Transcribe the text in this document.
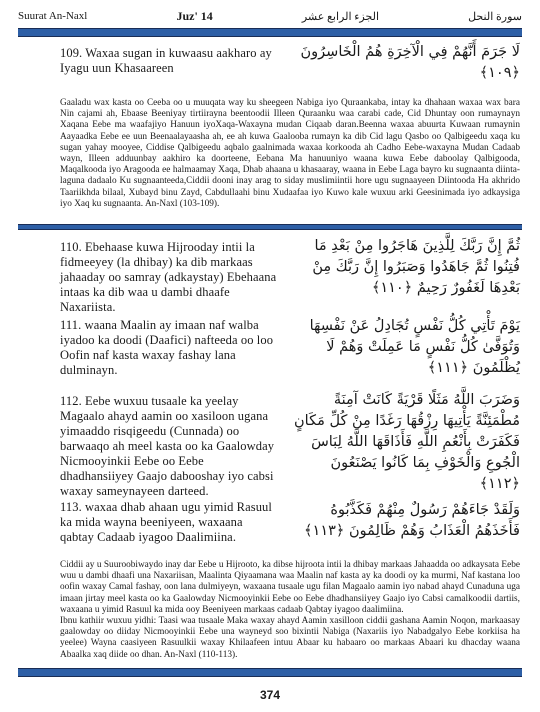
Suurat An-Naxl	Juz' 14	الجزء الرابع عشر	سورة النحل
109. Waxaa sugan in kuwaasu aakharo ay Iyagu uun Khasaareen
لَا جَرَمَ أَنَّهُمْ فِي الْآخِرَةِ هُمُ الْخَاسِرُونَ ﴿١٠٩﴾
Gaaladu wax kasta oo Ceeba oo u muuqata way ku sheegeen Nabiga iyo Quraankaba, intay ka dhahaan waxaa wax bara Nin cajami ah, Ebaase Beeniyay tirtiirayna beentoodii Illeen Quraanku waa carabi cade, Cid Dhuntay oon rumaynayn Xaqana Eebe ma waafajiyo Hanuun iyoXaqa-Waxayna mudan Ciqaab daran.Beenna waxaa abuurta Kuwaan rumaynin Aayaadka Eebe ee uun Beenaalayaasha ah, ee ah kuwa Gaalooba rumayn ka dib Cid lagu Qasbo oo Qalbigeedu xaqa ku sugan yahay mooyee, Ciddise Qalbigeedu aqbalo gaalnimada waxaa korkooda ah Cadho Eebe-waxayna Mudan Cadaab wayn, Illeen adduunbay aakhiro ka doorteene, Eebana Ma hanuuniyo waana kuwa Eebe daboolay Qalbigooda, Maqalkooda iyo Aragooda ee halmaamay Xaqa, Dhab ahaana u khasaaray, waana in Eebe Laga bayro ku sugnaanta diinta-laguna dadaalo Ku sugnaanteeda,Ciddii dooni inay arag to siday muslimiintii hore ugu sugnaayeen Diintooda Ha akhrido Taariikhda bilaal, Xubayd binu Zayd, Cabdullaahi binu Xudaafaa iyo Kuwo kale wuxuu arki Geesinimada iyo adkaysiga iyo Xaq ku sugnaanta. An-Naxl (103-109).
110. Ebehaase kuwa Hijrooday intii la fidmeeyey (la dhibay) ka dib markaas jahaaday oo samray (adkaystay) Ebehaana intaas ka dib waa u dambi dhaafe Naxariista.
ثُمَّ إِنَّ رَبَّكَ لِلَّذِينَ هَاجَرُوا مِنْ بَعْدِ مَا فُتِنُوا ثُمَّ جَاهَدُوا وَصَبَرُوا إِنَّ رَبَّكَ مِنْ بَعْدِهَا لَغَفُورٌ رَحِيمٌ ﴿١١٠﴾
111. waana Maalin ay imaan naf walba iyadoo ka doodi (Daafici) nafteeda oo loo Oofin naf kasta waxay fashay lana dulminayn.
يَوْمَ تَأْتِي كُلُّ نَفْسٍ تُجَادِلُ عَنْ نَفْسِهَا وَتُوَفَّىٰ كُلُّ نَفْسٍ مَا عَمِلَتْ وَهُمْ لَا يُظْلَمُونَ ﴿١١١﴾
112. Eebe wuxuu tusaale ka yeelay Magaalo ahayd aamin oo xasiloon ugana yimaaddo risqigeedu (Cunnada) oo barwaaqo ah meel kasta oo ka Gaalowday Nicmooyinkii Eebe oo Eebe dhadhansiiyey Gaajo dabooshay iyo cabsi waxay sameynayeen darteed.
وَضَرَبَ اللَّهُ مَثَلًا قَرْيَةً كَانَتْ آمِنَةً مُطْمَئِنَّةً يَأْتِيهَا رِزْقُهَا رَغَدًا مِنْ كُلِّ مَكَانٍ فَكَفَرَتْ بِأَنْعُمِ اللَّهِ فَأَذَاقَهَا اللَّهُ لِبَاسَ الْجُوعِ وَالْخَوْفِ بِمَا كَانُوا يَصْنَعُونَ ﴿١١٢﴾
113. waxaa dhab ahaan ugu yimid Rasuul ka mida wayna beeniyeen, waxaana qabtay Cadaab iyagoo Daalimiina.
وَلَقَدْ جَاءَهُمْ رَسُولٌ مِنْهُمْ فَكَذَّبُوهُ فَأَخَذَهُمُ الْعَذَابُ وَهُمْ ظَالِمُونَ ﴿١١٣﴾
Ciddii ay u Suuroobiwaydo inay dar Eebe u Hijrooto, ka dibse hijroota intii la dhibay markaas Jahaadda oo adkaysata Eebe wuu u dambi dhaafi una Naxariisan, Maalinta Qiyaamana waa Maalin naf kasta ay ka doodi oy ka murmi, Naf kastana loo oofin waxay Camal fashay, oon lana dulmiyeyn, waxaana tusaale ugu filan Magaalo aamin iyo nabad ahayd Cunaduna uga imaan jirtay meel kasta oo ka Gaalowday Nicmooyinkii Eebe oo Eebe dhadhansiiyey Gaajo iyo Cabsi camalkoodii dartiis, waxaana u yimid Rasuul ka mida ooy Beeniyeen markaas cadaab Qabtay iyagoo daalimiina.
Ibnu kathiir wuxuu yidhi: Taasi waa tusaale Maka waxay ahayd Aamin xasilloon ciddii gashana Aamin Noqon, markaasay gaalowday oo diiday Nicmooyinkii Eebe una wayneyd soo bixintii Nabiga (Naxariis iyo Nabadgalyo Eebe korkiisa ha yeelee) Wayna caasiyeen Rasuulkii waxay Khilaafeen intuu Abaar ku habaaro oo markaas Abaari ku dhacday waana Abaalka xaq diide oo dhan. An-Naxl (110-113).
374
